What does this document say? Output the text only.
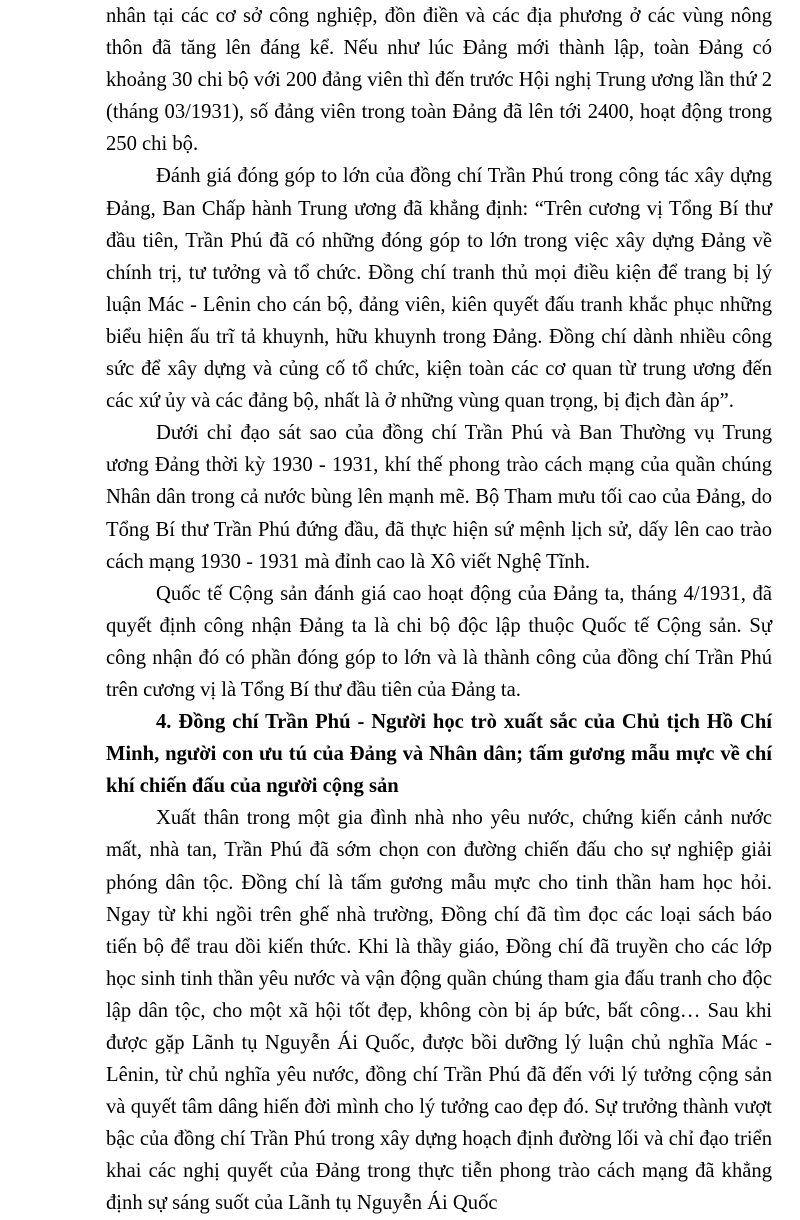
nhân tại các cơ sở công nghiệp, đồn điền và các địa phương ở các vùng nông thôn đã tăng lên đáng kể. Nếu như lúc Đảng mới thành lập, toàn Đảng có khoảng 30 chi bộ với 200 đảng viên thì đến trước Hội nghị Trung ương lần thứ 2 (tháng 03/1931), số đảng viên trong toàn Đảng đã lên tới 2400, hoạt động trong 250 chi bộ.

Đánh giá đóng góp to lớn của đồng chí Trần Phú trong công tác xây dựng Đảng, Ban Chấp hành Trung ương đã khẳng định: “Trên cương vị Tổng Bí thư đầu tiên, Trần Phú đã có những đóng góp to lớn trong việc xây dựng Đảng về chính trị, tư tưởng và tổ chức. Đồng chí tranh thủ mọi điều kiện để trang bị lý luận Mác - Lênin cho cán bộ, đảng viên, kiên quyết đấu tranh khắc phục những biểu hiện ấu trĩ tả khuynh, hữu khuynh trong Đảng. Đồng chí dành nhiều công sức để xây dựng và củng cố tổ chức, kiện toàn các cơ quan từ trung ương đến các xứ ủy và các đảng bộ, nhất là ở những vùng quan trọng, bị địch đàn áp”.

Dưới chỉ đạo sát sao của đồng chí Trần Phú và Ban Thường vụ Trung ương Đảng thời kỳ 1930 - 1931, khí thế phong trào cách mạng của quần chúng Nhân dân trong cả nước bùng lên mạnh mẽ. Bộ Tham mưu tối cao của Đảng, do Tổng Bí thư Trần Phú đứng đầu, đã thực hiện sứ mệnh lịch sử, dấy lên cao trào cách mạng 1930 - 1931 mà đỉnh cao là Xô viết Nghệ Tĩnh.

Quốc tế Cộng sản đánh giá cao hoạt động của Đảng ta, tháng 4/1931, đã quyết định công nhận Đảng ta là chi bộ độc lập thuộc Quốc tế Cộng sản. Sự công nhận đó có phần đóng góp to lớn và là thành công của đồng chí Trần Phú trên cương vị là Tổng Bí thư đầu tiên của Đảng ta.

4. Đồng chí Trần Phú - Người học trò xuất sắc của Chủ tịch Hồ Chí Minh, người con ưu tú của Đảng và Nhân dân; tấm gương mẫu mực về chí khí chiến đấu của người cộng sản

Xuất thân trong một gia đình nhà nho yêu nước, chứng kiến cảnh nước mất, nhà tan, Trần Phú đã sớm chọn con đường chiến đấu cho sự nghiệp giải phóng dân tộc. Đồng chí là tấm gương mẫu mực cho tinh thần ham học hỏi. Ngay từ khi ngồi trên ghế nhà trường, Đồng chí đã tìm đọc các loại sách báo tiến bộ để trau dồi kiến thức. Khi là thầy giáo, Đồng chí đã truyền cho các lớp học sinh tinh thần yêu nước và vận động quần chúng tham gia đấu tranh cho độc lập dân tộc, cho một xã hội tốt đẹp, không còn bị áp bức, bất công… Sau khi được gặp Lãnh tụ Nguyễn Ái Quốc, được bồi dưỡng lý luận chủ nghĩa Mác - Lênin, từ chủ nghĩa yêu nước, đồng chí Trần Phú đã đến với lý tưởng cộng sản và quyết tâm dâng hiến đời mình cho lý tưởng cao đẹp đó. Sự trưởng thành vượt bậc của đồng chí Trần Phú trong xây dựng hoạch định đường lối và chỉ đạo triển khai các nghị quyết của Đảng trong thực tiễn phong trào cách mạng đã khẳng định sự sáng suốt của Lãnh tụ Nguyễn Ái Quốc
